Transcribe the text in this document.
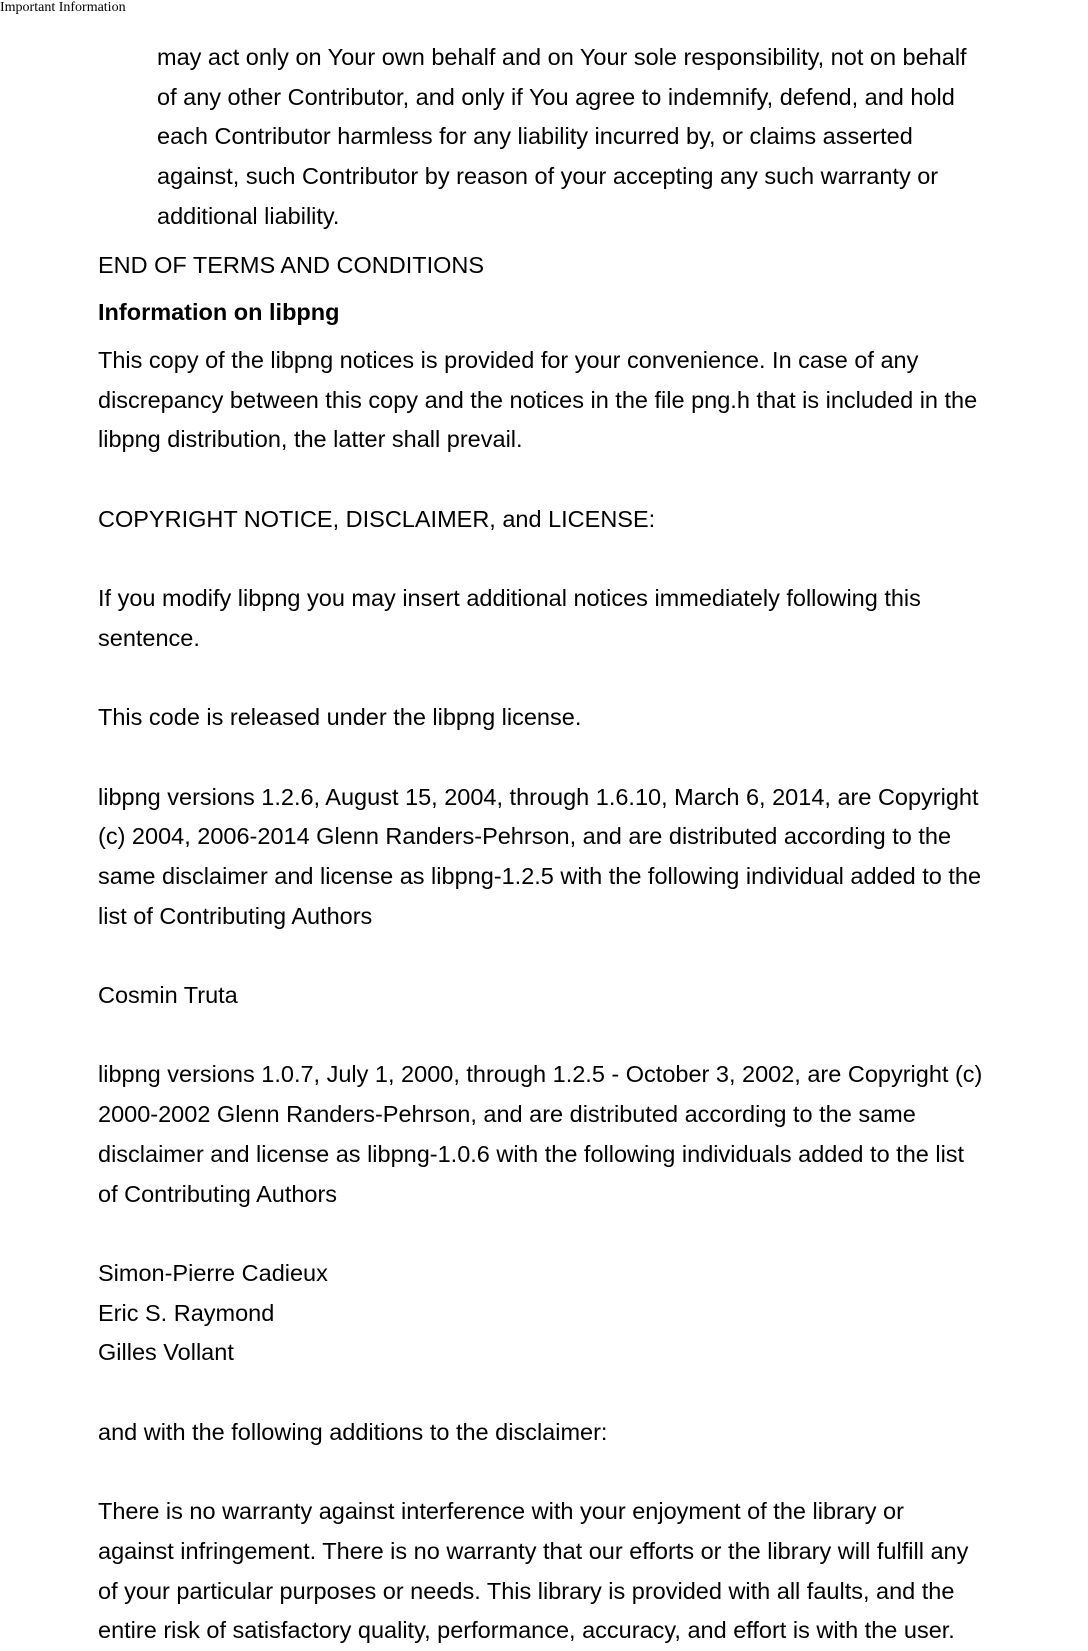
Important Information
may act only on Your own behalf and on Your sole responsibility, not on behalf
of any other Contributor, and only if You agree to indemnify, defend, and hold
each Contributor harmless for any liability incurred by, or claims asserted
against, such Contributor by reason of your accepting any such warranty or
additional liability.
END OF TERMS AND CONDITIONS
Information on libpng
This copy of the libpng notices is provided for your convenience. In case of any
discrepancy between this copy and the notices in the file png.h that is included in the
libpng distribution, the latter shall prevail.
COPYRIGHT NOTICE, DISCLAIMER, and LICENSE:
If you modify libpng you may insert additional notices immediately following this
sentence.
This code is released under the libpng license.
libpng versions 1.2.6, August 15, 2004, through 1.6.10, March 6, 2014, are Copyright
(c) 2004, 2006-2014 Glenn Randers-Pehrson, and are distributed according to the
same disclaimer and license as libpng-1.2.5 with the following individual added to the
list of Contributing Authors
Cosmin Truta
libpng versions 1.0.7, July 1, 2000, through 1.2.5 - October 3, 2002, are Copyright (c)
2000-2002 Glenn Randers-Pehrson, and are distributed according to the same
disclaimer and license as libpng-1.0.6 with the following individuals added to the list
of Contributing Authors
Simon-Pierre Cadieux
Eric S. Raymond
Gilles Vollant
and with the following additions to the disclaimer:
There is no warranty against interference with your enjoyment of the library or
against infringement. There is no warranty that our efforts or the library will fulfill any
of your particular purposes or needs. This library is provided with all faults, and the
entire risk of satisfactory quality, performance, accuracy, and effort is with the user.
